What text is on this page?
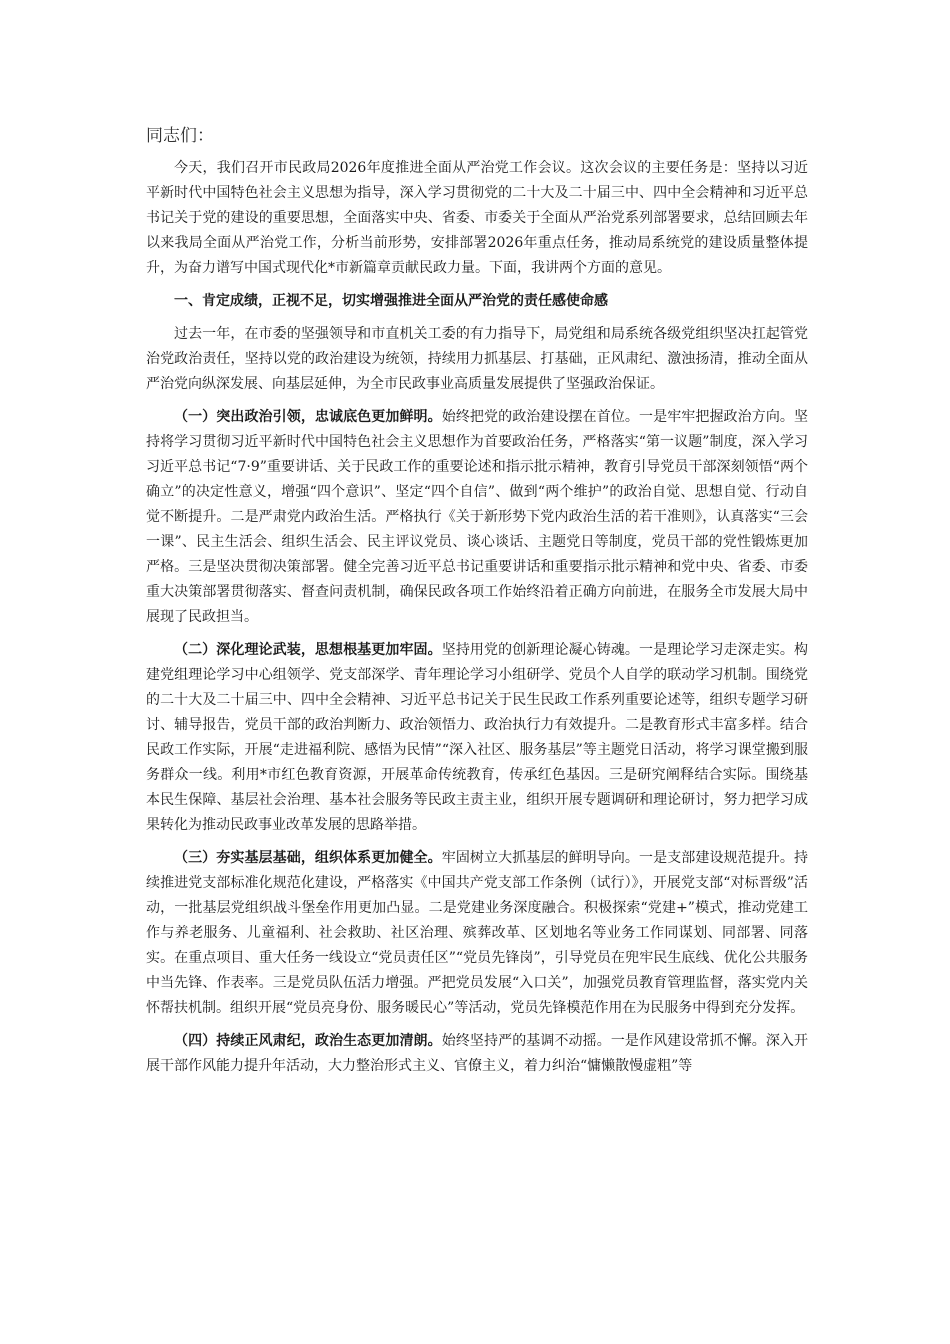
同志们：

今天，我们召开市民政局2026年度推进全面从严治党工作会议。这次会议的主要任务是：坚持以习近平新时代中国特色社会主义思想为指导，深入学习贯彻党的二十大及二十届三中、四中全会精神和习近平总书记关于党的建设的重要思想，全面落实中央、省委、市委关于全面从严治党系列部署要求，总结回顾去年以来我局全面从严治党工作，分析当前形势，安排部署2026年重点任务，推动局系统党的建设质量整体提升，为奋力谱写中国式现代化*市新篇章贡献民政力量。下面，我讲两个方面的意见。

一、肯定成绩，正视不足，切实增强推进全面从严治党的责任感使命感

过去一年，在市委的坚强领导和市直机关工委的有力指导下，局党组和局系统各级党组织坚决扛起管党治党政治责任，坚持以党的政治建设为统领，持续用力抓基层、打基础，正风肃纪、激浊扬清，推动全面从严治党向纵深发展、向基层延伸，为全市民政事业高质量发展提供了坚强政治保证。

（一）突出政治引领，忠诚底色更加鲜明。始终把党的政治建设摆在首位。一是牢牢把握政治方向。坚持将学习贯彻习近平新时代中国特色社会主义思想作为首要政治任务，严格落实“第一议题”制度，深入学习习近平总书记“7·9”重要讲话、关于民政工作的重要论述和指示批示精神，教育引导党员干部深刻领悟“两个确立”的决定性意义，增强“四个意识”、坚定“四个自信”、做到“两个维护”的政治自觉、思想自觉、行动自觉不断提升。二是严肃党内政治生活。严格执行《关于新形势下党内政治生活的若干准则》，认真落实“三会一课”、民主生活会、组织生活会、民主评议党员、谈心谈话、主题党日等制度，党员干部的党性锻炼更加严格。三是坚决贯彻决策部署。健全完善习近平总书记重要讲话和重要指示批示精神和党中央、省委、市委重大决策部署贯彻落实、督查问责机制，确保民政各项工作始终沿着正确方向前进，在服务全市发展大局中展现了民政担当。

（二）深化理论武装，思想根基更加牢固。坚持用党的创新理论凝心铸魂。一是理论学习走深走实。构建党组理论学习中心组领学、党支部深学、青年理论学习小组研学、党员个人自学的联动学习机制。围绕党的二十大及二十届三中、四中全会精神、习近平总书记关于民生民政工作系列重要论述等，组织专题学习研讨、辅导报告，党员干部的政治判断力、政治领悟力、政治执行力有效提升。二是教育形式丰富多样。结合民政工作实际，开展“走进福利院、感悟为民情”“深入社区、服务基层”等主题党日活动，将学习课堂搬到服务群众一线。利用*市红色教育资源，开展革命传统教育，传承红色基因。三是研究阐释结合实际。围绕基本民生保障、基层社会治理、基本社会服务等民政主责主业，组织开展专题调研和理论研讨，努力把学习成果转化为推动民政事业改革发展的思路举措。

（三）夯实基层基础，组织体系更加健全。牢固树立大抓基层的鲜明导向。一是支部建设规范提升。持续推进党支部标准化规范化建设，严格落实《中国共产党支部工作条例（试行）》，开展党支部“对标晋级”活动，一批基层党组织战斗堡垒作用更加凸显。二是党建业务深度融合。积极探索“党建+”模式，推动党建工作与养老服务、儿童福利、社会救助、社区治理、殡葬改革、区划地名等业务工作同谋划、同部署、同落实。在重点项目、重大任务一线设立“党员责任区”“党员先锋岗”，引导党员在兜牢民生底线、优化公共服务中当先锋、作表率。三是党员队伍活力增强。严把党员发展“入口关”，加强党员教育管理监督，落实党内关怀帮扶机制。组织开展“党员亮身份、服务暖民心”等活动，党员先锋模范作用在为民服务中得到充分发挥。

（四）持续正风肃纪，政治生态更加清朗。始终坚持严的基调不动摇。一是作风建设常抓不懈。深入开展干部作风能力提升年活动，大力整治形式主义、官僚主义，着力纠治“慵懒散慢虚粗”等
